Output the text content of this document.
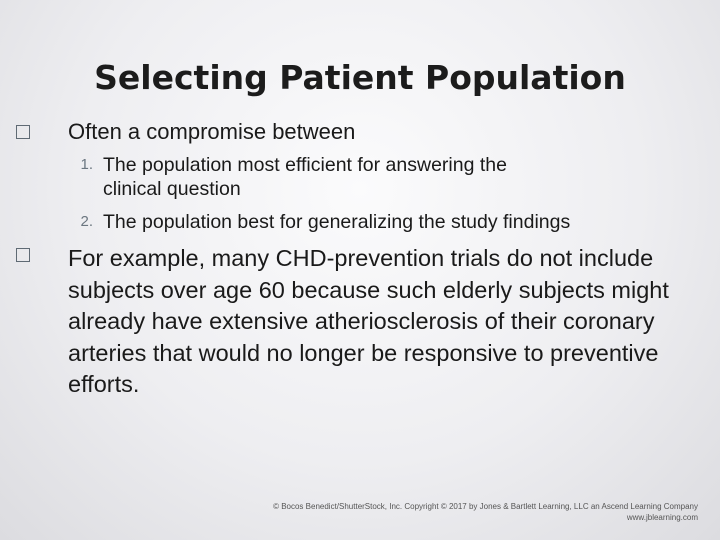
Selecting Patient Population
Often a compromise between
1. The population most efficient for answering the
clinical question
2. The population best for generalizing the study findings
For example, many CHD-prevention trials do not include subjects over age 60 because such elderly subjects might already have extensive atheriosclerosis of their coronary arteries that would no longer be responsive to preventive efforts.
© Bocos Benedict/ShutterStock, Inc. Copyright © 2017 by Jones & Bartlett Learning, LLC an Ascend Learning Company
www.jblearning.com
